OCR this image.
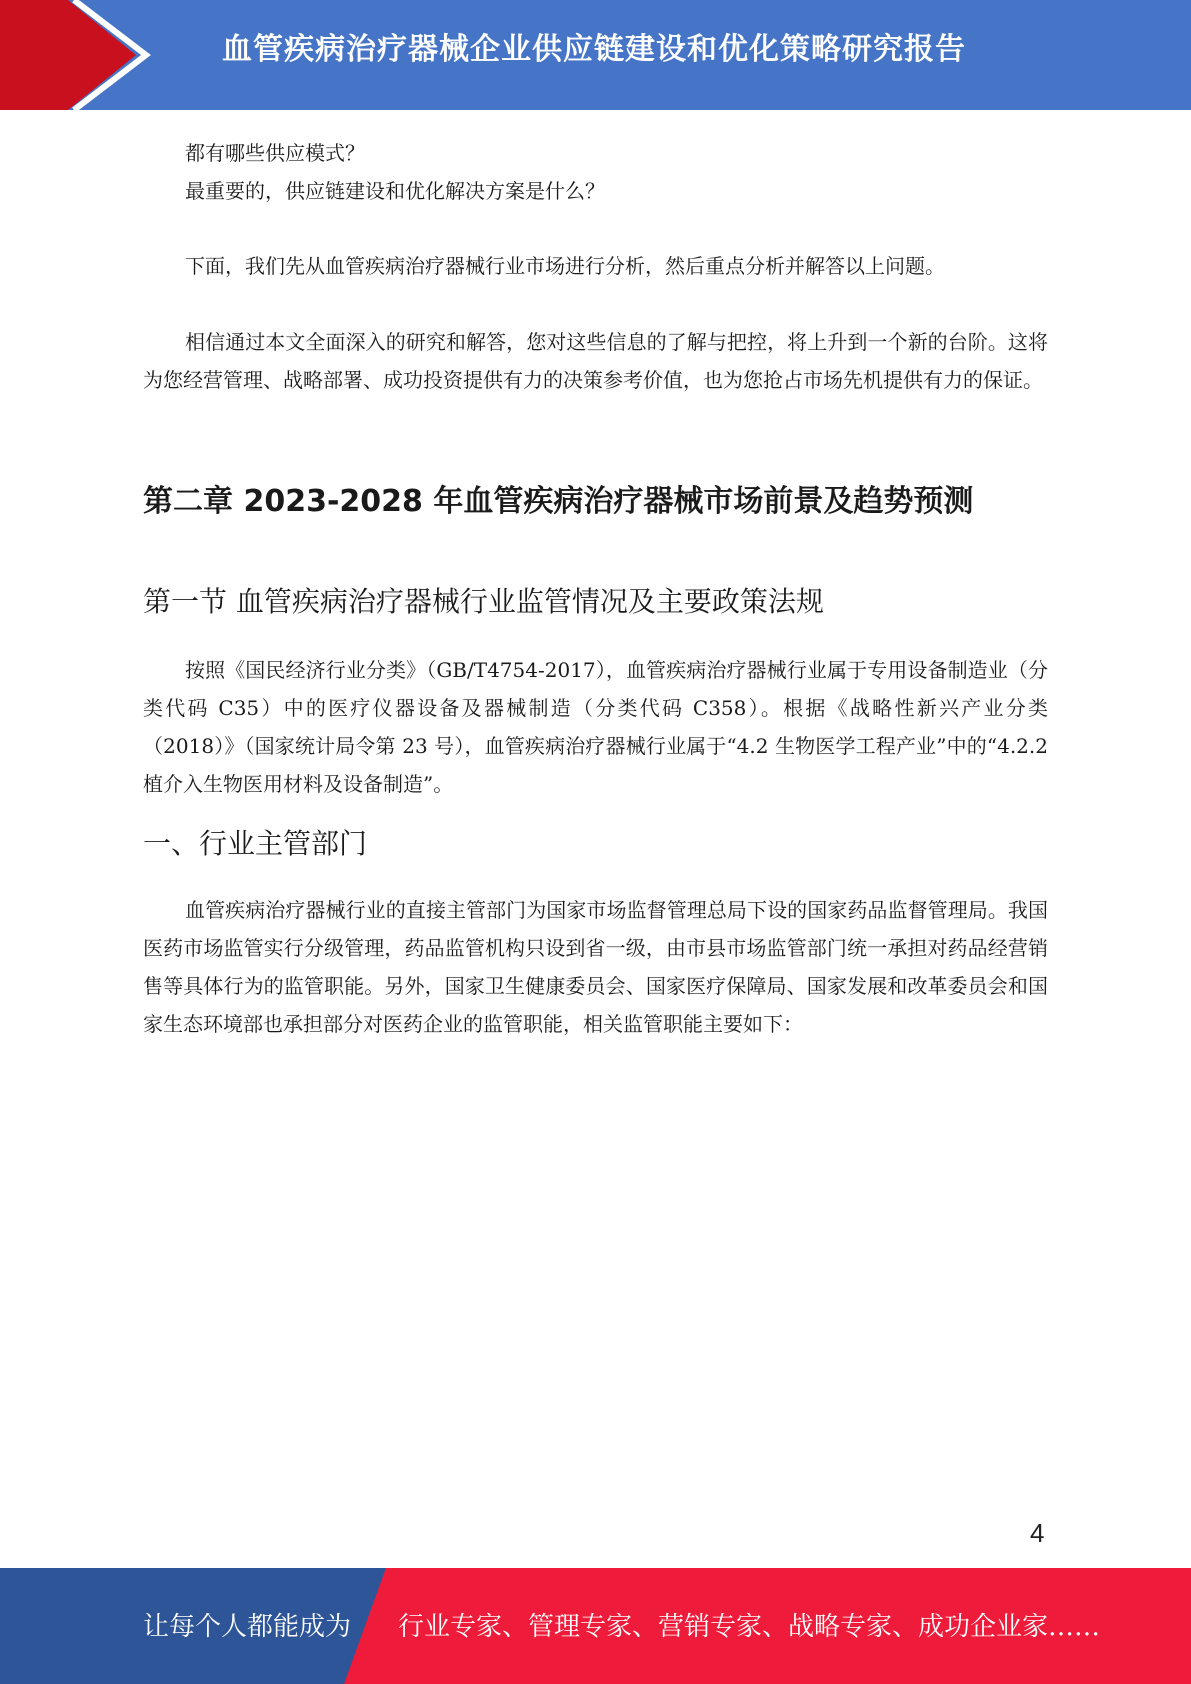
血管疾病治疗器械企业供应链建设和优化策略研究报告
都有哪些供应模式？
最重要的，供应链建设和优化解决方案是什么？

下面，我们先从血管疾病治疗器械行业市场进行分析，然后重点分析并解答以上问题。

相信通过本文全面深入的研究和解答，您对这些信息的了解与把控，将上升到一个新的台阶。这将为您经营管理、战略部署、成功投资提供有力的决策参考价值，也为您抢占市场先机提供有力的保证。

第二章 2023-2028 年血管疾病治疗器械市场前景及趋势预测
第一节 血管疾病治疗器械行业监管情况及主要政策法规

按照《国民经济行业分类》（GB/T4754-2017），血管疾病治疗器械行业属于专用设备制造业（分类代码 C35）中的医疗仪器设备及器械制造（分类代码 C358）。根据《战略性新兴产业分类（2018）》（国家统计局令第 23 号），血管疾病治疗器械行业属于“4.2 生物医学工程产业”中的“4.2.2 植介入生物医用材料及设备制造”。

一、行业主管部门

血管疾病治疗器械行业的直接主管部门为国家市场监督管理总局下设的国家药品监督管理局。我国医药市场监管实行分级管理，药品监管机构只设到省一级，由市县市场监管部门统一承担对药品经营销售等具体行为的监管职能。另外，国家卫生健康委员会、国家医疗保障局、国家发展和改革委员会和国家生态环境部也承担部分对医药企业的监管职能，相关监管职能主要如下：

4
让每个人都能成为 行业专家、管理专家、营销专家、战略专家、成功企业家……
